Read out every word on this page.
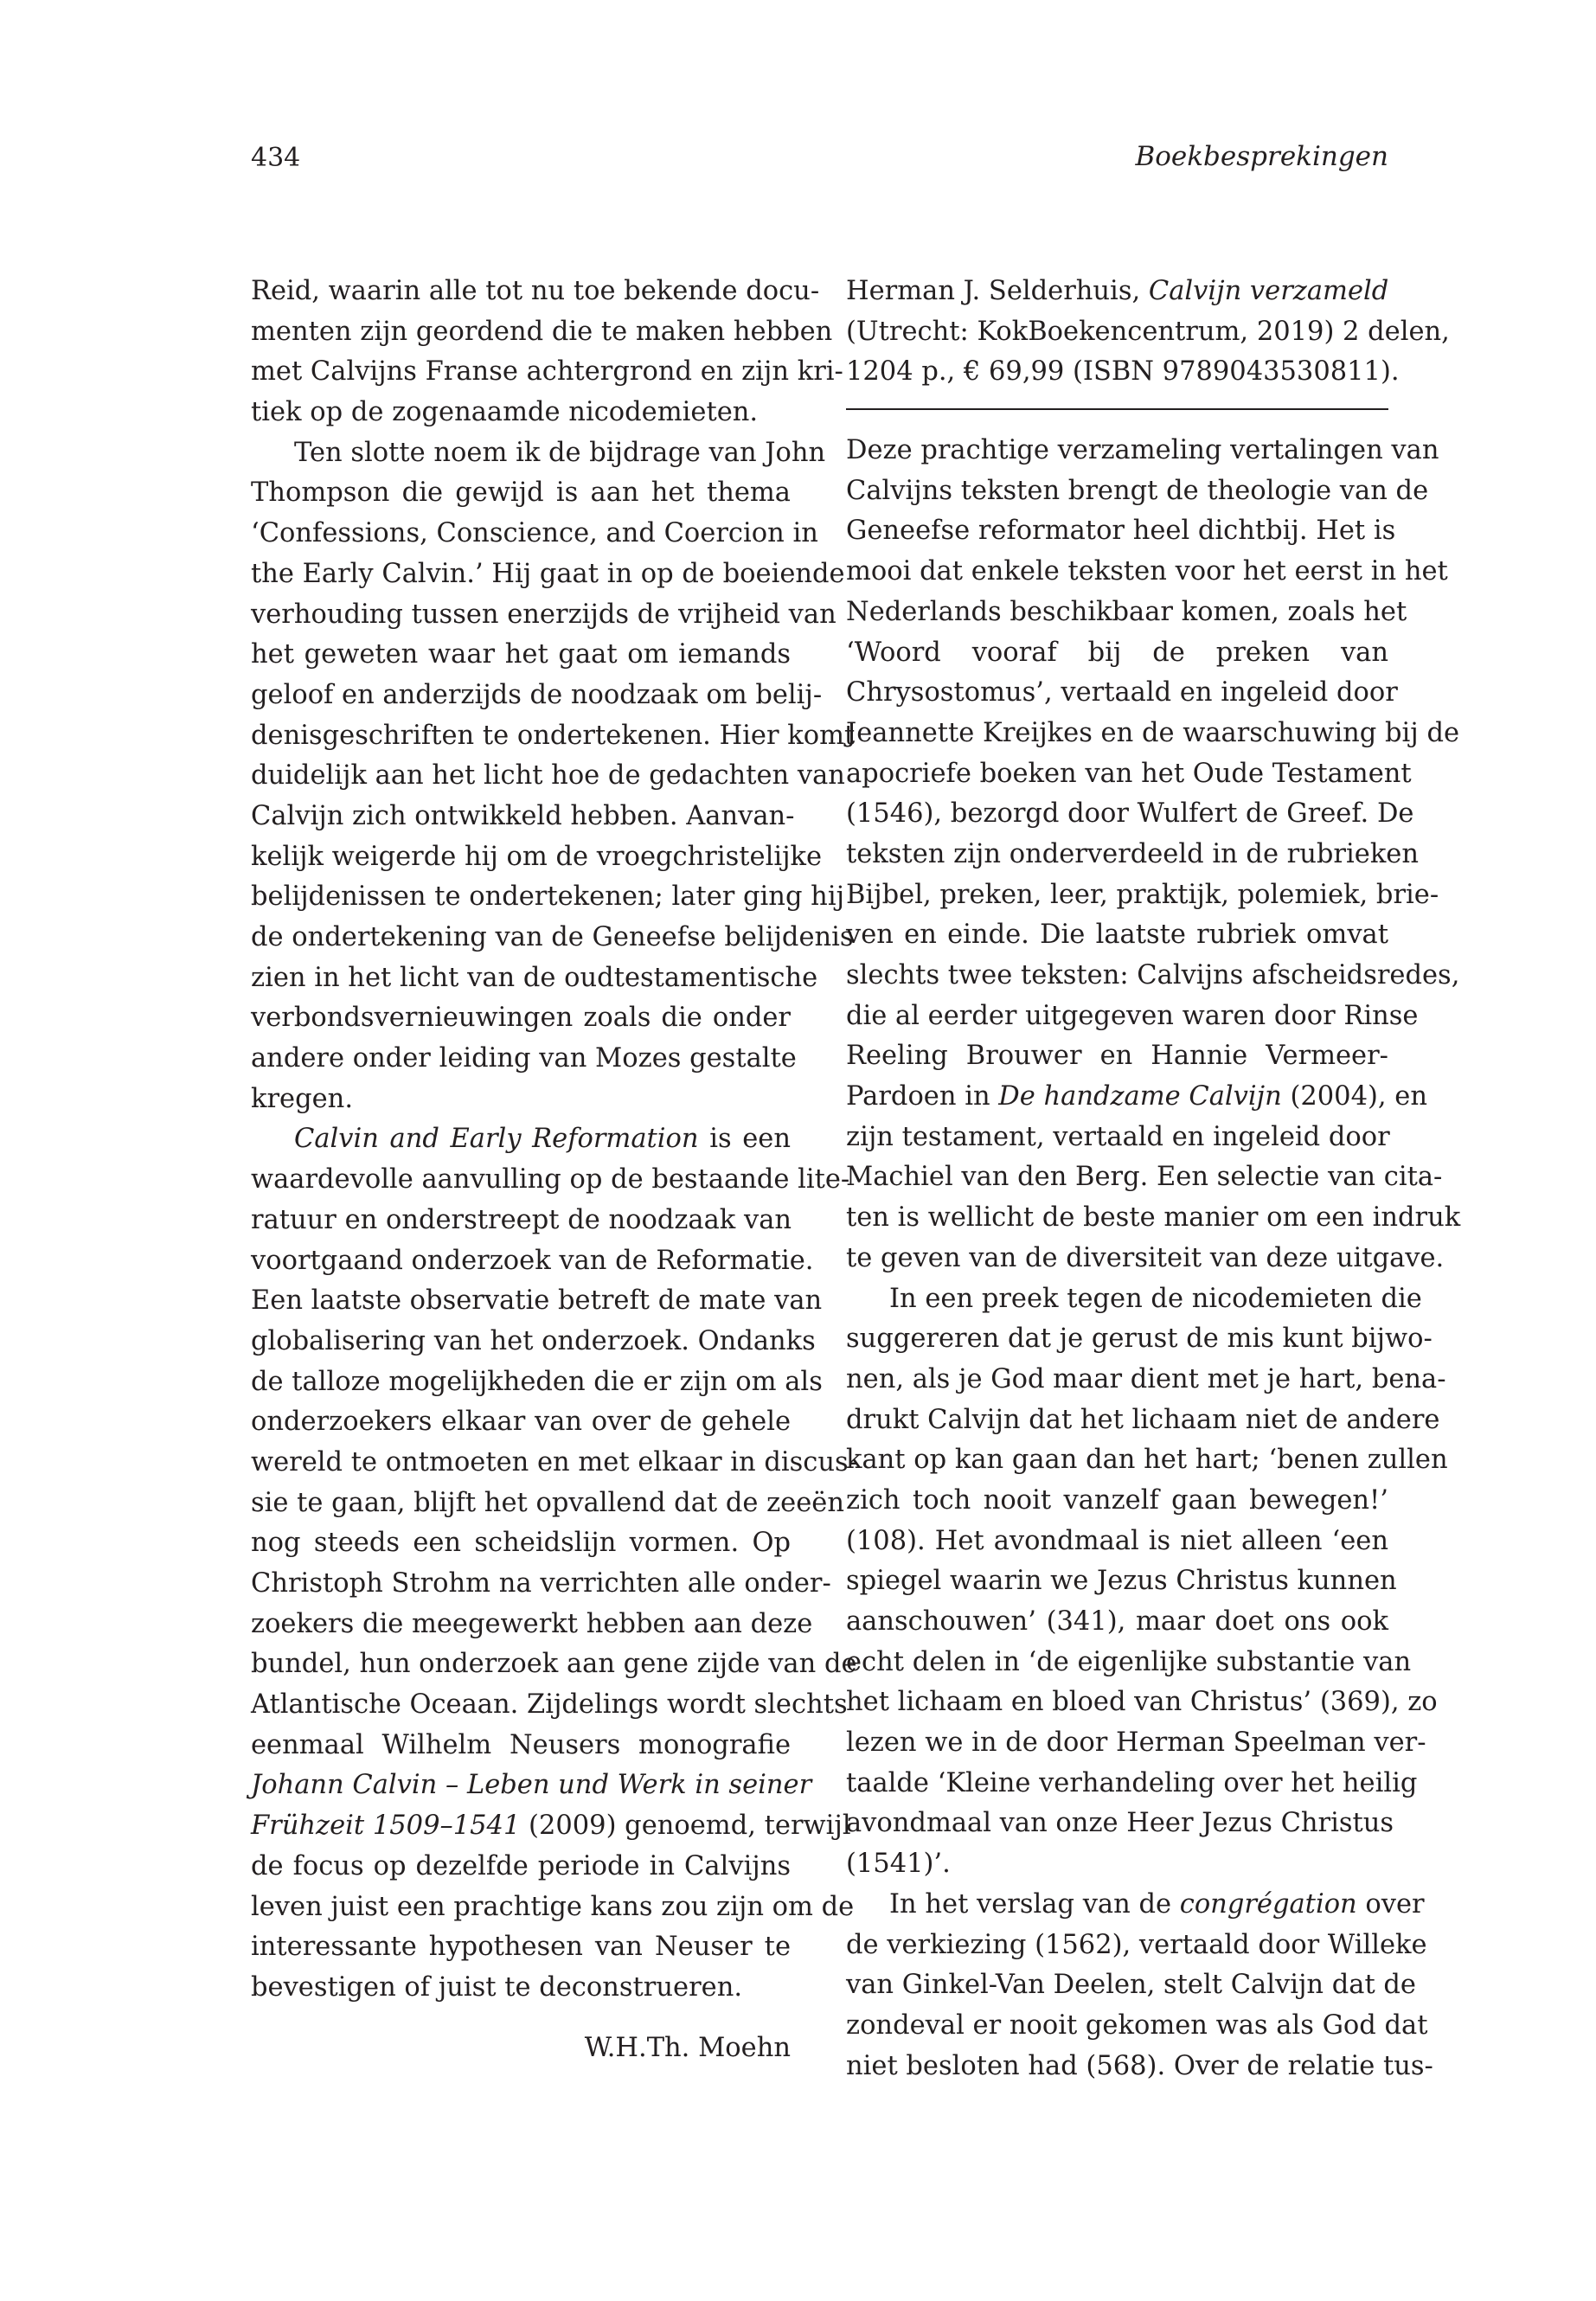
434	Boekbesprekingen
Reid, waarin alle tot nu toe bekende docu-
menten zijn geordend die te maken hebben
met Calvijns Franse achtergrond en zijn kri-
tiek op de zogenaamde nicodemieten.
Ten slotte noem ik de bijdrage van John
Thompson die gewijd is aan het thema
‘Confessions, Conscience, and Coercion in
the Early Calvin.’ Hij gaat in op de boeiende
verhouding tussen enerzijds de vrijheid van
het geweten waar het gaat om iemands
geloof en anderzijds de noodzaak om belij-
denisgeschriften te ondertekenen. Hier komt
duidelijk aan het licht hoe de gedachten van
Calvijn zich ontwikkeld hebben. Aanvan-
kelijk weigerde hij om de vroegchristelijke
belijdenissen te ondertekenen; later ging hij
de ondertekening van de Geneefse belijdenis
zien in het licht van de oudtestamentische
verbondsvernieuwingen zoals die onder
andere onder leiding van Mozes gestalte
kregen.
Calvin and Early Reformation is een
waardevolle aanvulling op de bestaande lite-
ratuur en onderstreept de noodzaak van
voortgaand onderzoek van de Reformatie.
Een laatste observatie betreft de mate van
globalisering van het onderzoek. Ondanks
de talloze mogelijkheden die er zijn om als
onderzoekers elkaar van over de gehele
wereld te ontmoeten en met elkaar in discus-
sie te gaan, blijft het opvallend dat de zeeën
nog steeds een scheidslijn vormen. Op
Christoph Strohm na verrichten alle onder-
zoekers die meegewerkt hebben aan deze
bundel, hun onderzoek aan gene zijde van de
Atlantische Oceaan. Zijdelings wordt slechts
eenmaal Wilhelm Neusers monografie
Johann Calvin – Leben und Werk in seiner
Frühzeit 1509–1541 (2009) genoemd, terwijl
de focus op dezelfde periode in Calvijns
leven juist een prachtige kans zou zijn om de
interessante hypothesen van Neuser te
bevestigen of juist te deconstrueren.
W.H.Th. Moehn
Herman J. Selderhuis, Calvijn verzameld
(Utrecht: KokBoekencentrum, 2019) 2 delen,
1204 p., € 69,99 (ISBN 9789043530811).
Deze prachtige verzameling vertalingen van
Calvijns teksten brengt de theologie van de
Geneefse reformator heel dichtbij. Het is
mooi dat enkele teksten voor het eerst in het
Nederlands beschikbaar komen, zoals het
‘Woord vooraf bij de preken van
Chrysostomus’, vertaald en ingeleid door
Jeannette Kreijkes en de waarschuwing bij de
apocriefe boeken van het Oude Testament
(1546), bezorgd door Wulfert de Greef. De
teksten zijn onderverdeeld in de rubrieken
Bijbel, preken, leer, praktijk, polemiek, brie-
ven en einde. Die laatste rubriek omvat
slechts twee teksten: Calvijns afscheidsredes,
die al eerder uitgegeven waren door Rinse
Reeling Brouwer en Hannie Vermeer-
Pardoen in De handzame Calvijn (2004), en
zijn testament, vertaald en ingeleid door
Machiel van den Berg. Een selectie van cita-
ten is wellicht de beste manier om een indruk
te geven van de diversiteit van deze uitgave.
In een preek tegen de nicodemieten die
suggereren dat je gerust de mis kunt bijwo-
nen, als je God maar dient met je hart, bena-
drukt Calvijn dat het lichaam niet de andere
kant op kan gaan dan het hart; ‘benen zullen
zich toch nooit vanzelf gaan bewegen!’
(108). Het avondmaal is niet alleen ‘een
spiegel waarin we Jezus Christus kunnen
aanschouwen’ (341), maar doet ons ook
echt delen in ‘de eigenlijke substantie van
het lichaam en bloed van Christus’ (369), zo
lezen we in de door Herman Speelman ver-
taalde ‘Kleine verhandeling over het heilig
avondmaal van onze Heer Jezus Christus
(1541)’.
In het verslag van de congrégation over
de verkiezing (1562), vertaald door Willeke
van Ginkel-Van Deelen, stelt Calvijn dat de
zondeval er nooit gekomen was als God dat
niet besloten had (568). Over de relatie tus-
